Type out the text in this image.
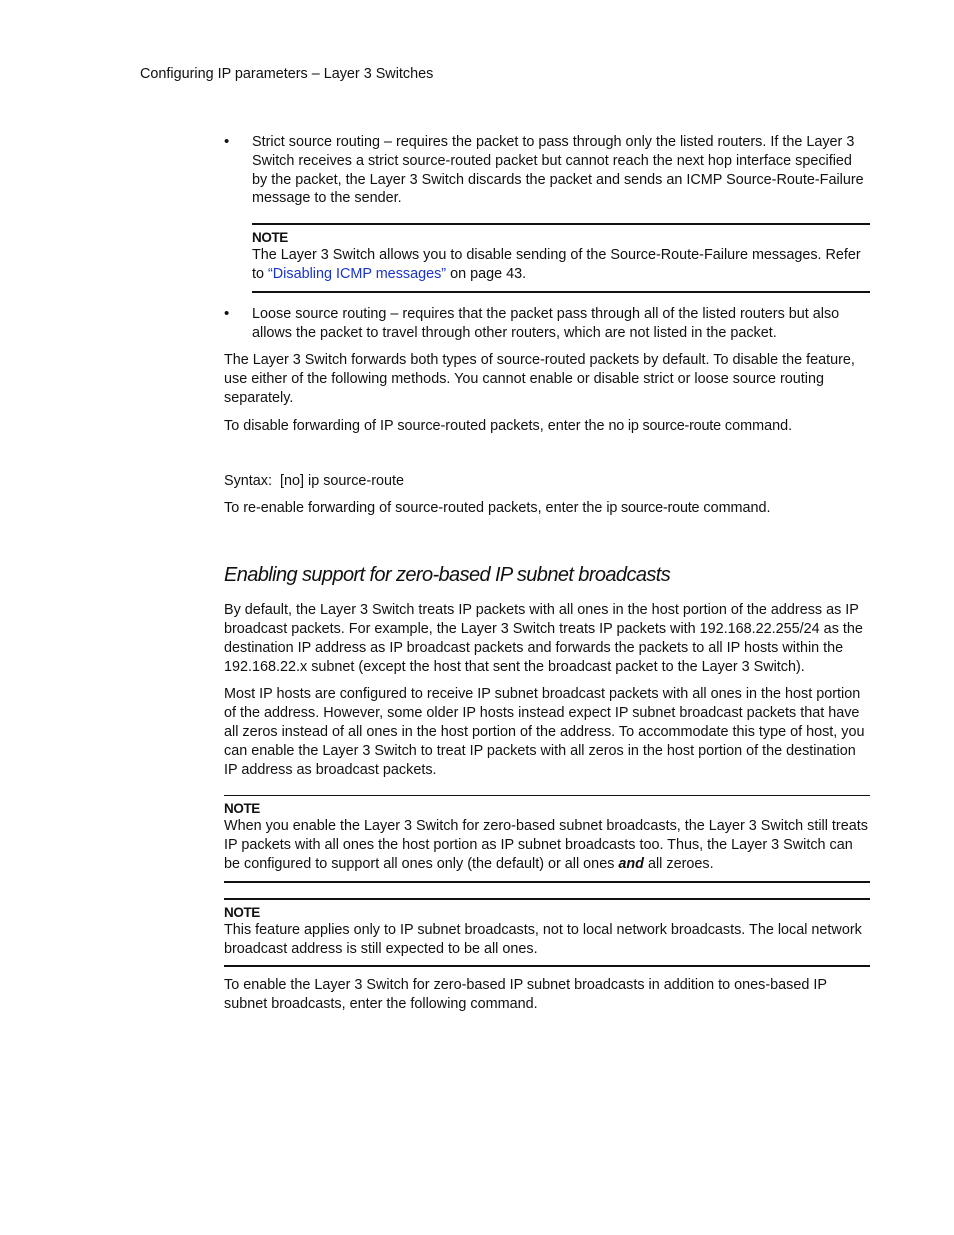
Configuring IP parameters – Layer 3 Switches
•	Strict source routing – requires the packet to pass through only the listed routers. If the Layer 3 Switch receives a strict source-routed packet but cannot reach the next hop interface specified by the packet, the Layer 3 Switch discards the packet and sends an ICMP Source-Route-Failure message to the sender.

NOTE

The Layer 3 Switch allows you to disable sending of the Source-Route-Failure messages. Refer to “Disabling ICMP messages” on page 43.

•	Loose source routing – requires that the packet pass through all of the listed routers but also allows the packet to travel through other routers, which are not listed in the packet.

The Layer 3 Switch forwards both types of source-routed packets by default. To disable the feature, use either of the following methods. You cannot enable or disable strict or loose source routing separately.

To disable forwarding of IP source-routed packets, enter the no ip source-route command.

Syntax: [no] ip source-route

To re-enable forwarding of source-routed packets, enter the ip source-route command.

Enabling support for zero-based IP subnet broadcasts

By default, the Layer 3 Switch treats IP packets with all ones in the host portion of the address as IP broadcast packets. For example, the Layer 3 Switch treats IP packets with 192.168.22.255/24 as the destination IP address as IP broadcast packets and forwards the packets to all IP hosts within the 192.168.22.x subnet (except the host that sent the broadcast packet to the Layer 3 Switch).

Most IP hosts are configured to receive IP subnet broadcast packets with all ones in the host portion of the address. However, some older IP hosts instead expect IP subnet broadcast packets that have all zeros instead of all ones in the host portion of the address. To accommodate this type of host, you can enable the Layer 3 Switch to treat IP packets with all zeros in the host portion of the destination IP address as broadcast packets.

NOTE

When you enable the Layer 3 Switch for zero-based subnet broadcasts, the Layer 3 Switch still treats IP packets with all ones the host portion as IP subnet broadcasts too. Thus, the Layer 3 Switch can be configured to support all ones only (the default) or all ones and all zeroes.

NOTE

This feature applies only to IP subnet broadcasts, not to local network broadcasts. The local network broadcast address is still expected to be all ones.

To enable the Layer 3 Switch for zero-based IP subnet broadcasts in addition to ones-based IP subnet broadcasts, enter the following command.
